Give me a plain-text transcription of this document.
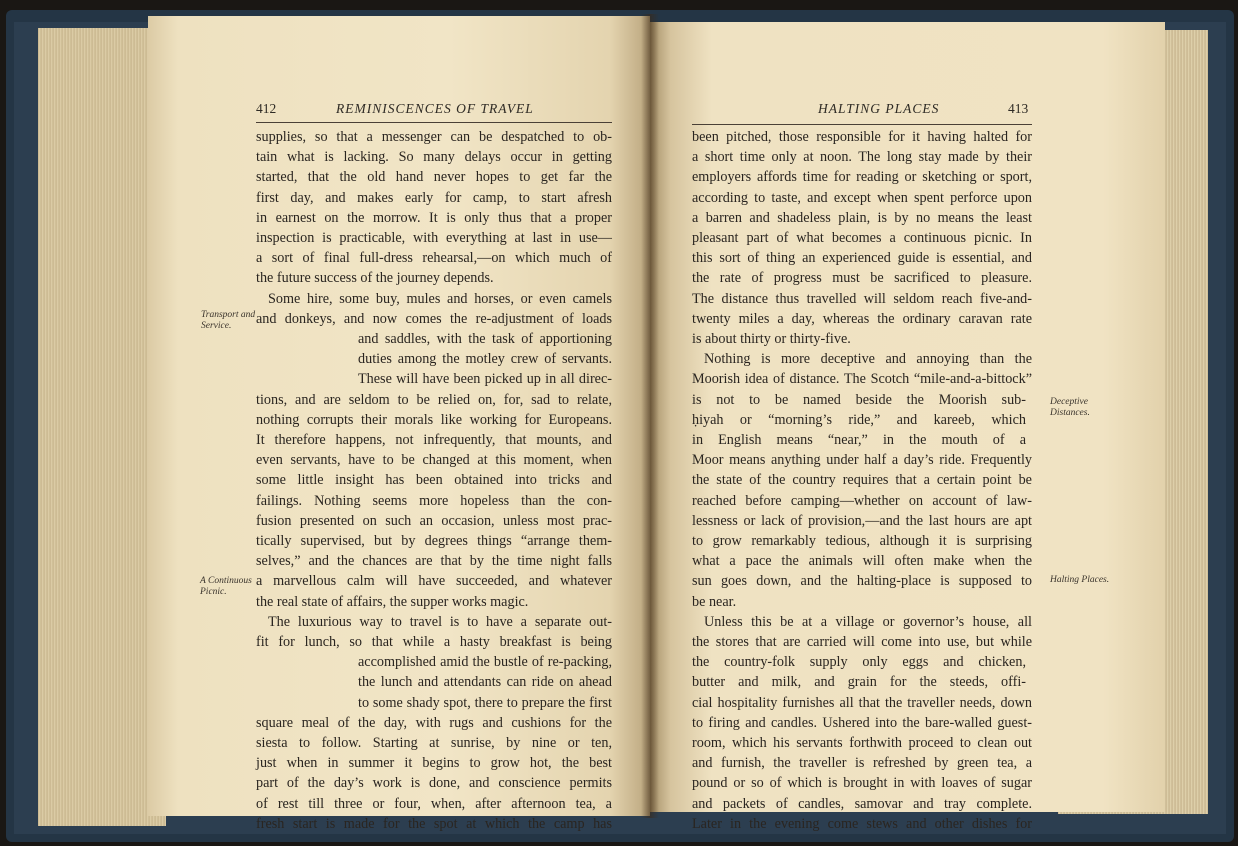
412	REMINISCENCES OF TRAVEL	HALTING PLACES	413
Transport and
Service.
A Continuous
Picnic.
Deceptive
Distances.
Halting Places.
supplies, so that a messenger can be despatched to ob-
tain what is lacking. So many delays occur in getting
started, that the old hand never hopes to get far the
first day, and makes early for camp, to start afresh
in earnest on the morrow. It is only thus that a proper
inspection is practicable, with everything at last in use—
a sort of final full-dress rehearsal,—on which much of
the future success of the journey depends.
Some hire, some buy, mules and horses, or even camels
and donkeys, and now comes the re-adjustment of loads
and saddles, with the task of apportioning
duties among the motley crew of servants.
These will have been picked up in all direc-
tions, and are seldom to be relied on, for, sad to relate,
nothing corrupts their morals like working for Europeans.
It therefore happens, not infrequently, that mounts, and
even servants, have to be changed at this moment, when
some little insight has been obtained into tricks and
failings. Nothing seems more hopeless than the con-
fusion presented on such an occasion, unless most prac-
tically supervised, but by degrees things “arrange them-
selves,” and the chances are that by the time night falls
a marvellous calm will have succeeded, and whatever
the real state of affairs, the supper works magic.
The luxurious way to travel is to have a separate out-
fit for lunch, so that while a hasty breakfast is being
accomplished amid the bustle of re-packing,
the lunch and attendants can ride on ahead
to some shady spot, there to prepare the first
square meal of the day, with rugs and cushions for the
siesta to follow. Starting at sunrise, by nine or ten,
just when in summer it begins to grow hot, the best
part of the day’s work is done, and conscience permits
of rest till three or four, when, after afternoon tea, a
fresh start is made for the spot at which the camp has
been pitched, those responsible for it having halted for
a short time only at noon. The long stay made by their
employers affords time for reading or sketching or sport,
according to taste, and except when spent perforce upon
a barren and shadeless plain, is by no means the least
pleasant part of what becomes a continuous picnic. In
this sort of thing an experienced guide is essential, and
the rate of progress must be sacrificed to pleasure.
The distance thus travelled will seldom reach five-and-
twenty miles a day, whereas the ordinary caravan rate
is about thirty or thirty-five.
Nothing is more deceptive and annoying than the
Moorish idea of distance. The Scotch “mile-and-a-bittock”
is not to be named beside the Moorish sub-
ḥiyah or “morning’s ride,” and kareeb, which
in English means “near,” in the mouth of a
Moor means anything under half a day’s ride. Frequently
the state of the country requires that a certain point be
reached before camping—whether on account of law-
lessness or lack of provision,—and the last hours are apt
to grow remarkably tedious, although it is surprising
what a pace the animals will often make when the
sun goes down, and the halting-place is supposed to
be near.
Unless this be at a village or governor’s house, all
the stores that are carried will come into use, but while
the country-folk supply only eggs and chicken,
butter and milk, and grain for the steeds, offi-
cial hospitality furnishes all that the traveller needs, down
to firing and candles. Ushered into the bare-walled guest-
room, which his servants forthwith proceed to clean out
and furnish, the traveller is refreshed by green tea, a
pound or so of which is brought in with loaves of sugar
and packets of candles, samovar and tray complete.
Later in the evening come stews and other dishes for
